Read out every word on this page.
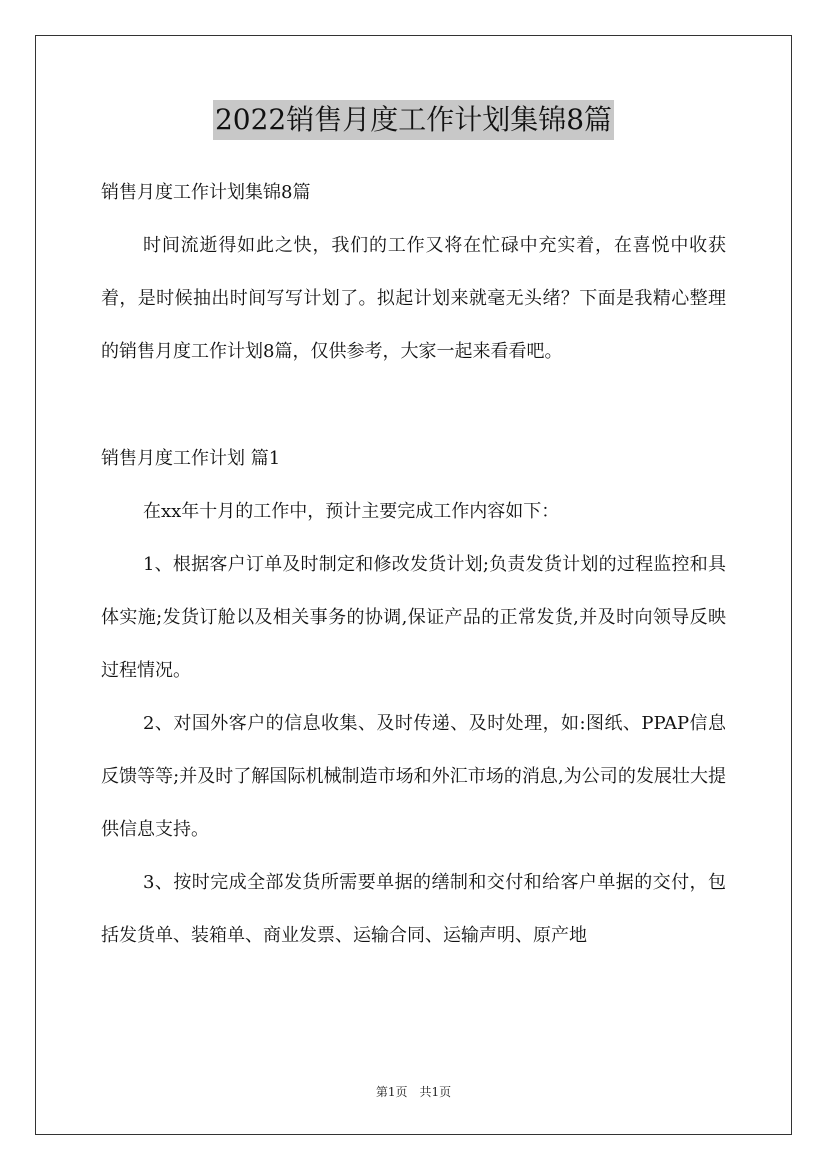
2022销售月度工作计划集锦8篇

销售月度工作计划集锦8篇

时间流逝得如此之快，我们的工作又将在忙碌中充实着，在喜悦中收获着，是时候抽出时间写写计划了。拟起计划来就毫无头绪？下面是我精心整理的销售月度工作计划8篇，仅供参考，大家一起来看看吧。

销售月度工作计划 篇1

在xx年十月的工作中，预计主要完成工作内容如下：

1、根据客户订单及时制定和修改发货计划;负责发货计划的过程监控和具体实施;发货订舱以及相关事务的协调,保证产品的正常发货,并及时向领导反映过程情况。

2、对国外客户的信息收集、及时传递、及时处理，如:图纸、PPAP信息反馈等等;并及时了解国际机械制造市场和外汇市场的消息,为公司的发展壮大提供信息支持。

3、按时完成全部发货所需要单据的缮制和交付和给客户单据的交付，包括发货单、装箱单、商业发票、运输合同、运输声明、原产地

第1页　共1页
